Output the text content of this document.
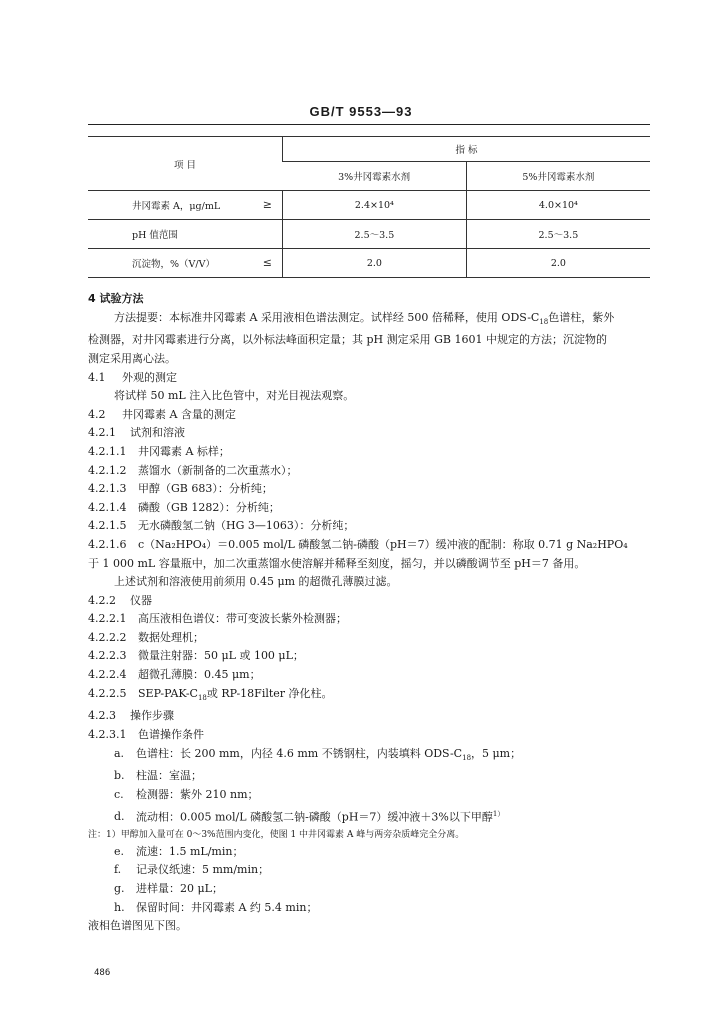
GB/T 9553—93
项 目	指 标	
	3%井冈霉素水剂	5%井冈霉素水剂
井冈霉素 A，μg/mL ≥	2.4×10⁴	4.0×10⁴
pH 值范围	2.5～3.5	2.5～3.5
沉淀物，%（V/V） ≤	2.0	2.0

4 试验方法

方法提要：本标准井冈霉素 A 采用液相色谱法测定。试样经 500 倍稀释，使用 ODS-$C_{18}$色谱柱，紫外

检测器，对井冈霉素进行分离，以外标法峰面积定量；其 pH 测定采用 GB 1601 中规定的方法；沉淀物的

测定采用离心法。

4.1 外观的测定

将试样 50 mL 注入比色管中，对光目视法观察。

4.2 井冈霉素 A 含量的测定

4.2.1 试剂和溶液

4.2.1.1 井冈霉素 A 标样；

4.2.1.2 蒸馏水（新制备的二次重蒸水）；

4.2.1.3 甲醇（GB 683）：分析纯；

4.2.1.4 磷酸（GB 1282）：分析纯；

4.2.1.5 无水磷酸氢二钠（HG 3—1063）：分析纯；

4.2.1.6 c（Na₂HPO₄）＝0.005 mol/L 磷酸氢二钠-磷酸（pH＝7）缓冲液的配制：称取 0.71 g Na₂HPO₄

于 1 000 mL 容量瓶中，加二次重蒸馏水使溶解并稀释至刻度，摇匀，并以磷酸调节至 pH＝7 备用。

上述试剂和溶液使用前须用 0.45 μm 的超微孔薄膜过滤。

4.2.2 仪器

4.2.2.1 高压液相色谱仪：带可变波长紫外检测器；

4.2.2.2 数据处理机；

4.2.2.3 微量注射器：50 μL 或 100 μL；

4.2.2.4 超微孔薄膜：0.45 μm；

4.2.2.5 SEP-$PAK-C_{18}$或 RP-18Filter 净化柱。

4.2.3 操作步骤

4.2.3.1 色谱操作条件

a. 色谱柱：长 200 mm，内径 4.6 mm 不锈钢柱，内装填料 ODS-$C_{18}$，5 μm；

b. 柱温：室温；

c. 检测器：紫外 210 nm；

d. 流动相：0.005 mol/L 磷酸氢二钠-磷酸（pH＝7）缓冲液＋3%以下甲醇$^{1)}$

注：1）甲醇加入量可在 0～3%范围内变化，使图 1 中井冈霉素 A 峰与两旁杂质峰完全分离。

e. 流速：1.5 mL/min；

f. 记录仪纸速：5 mm/min；

g. 进样量：20 μL；

h. 保留时间：井冈霉素 A 约 5.4 min；

液相色谱图见下图。

486
